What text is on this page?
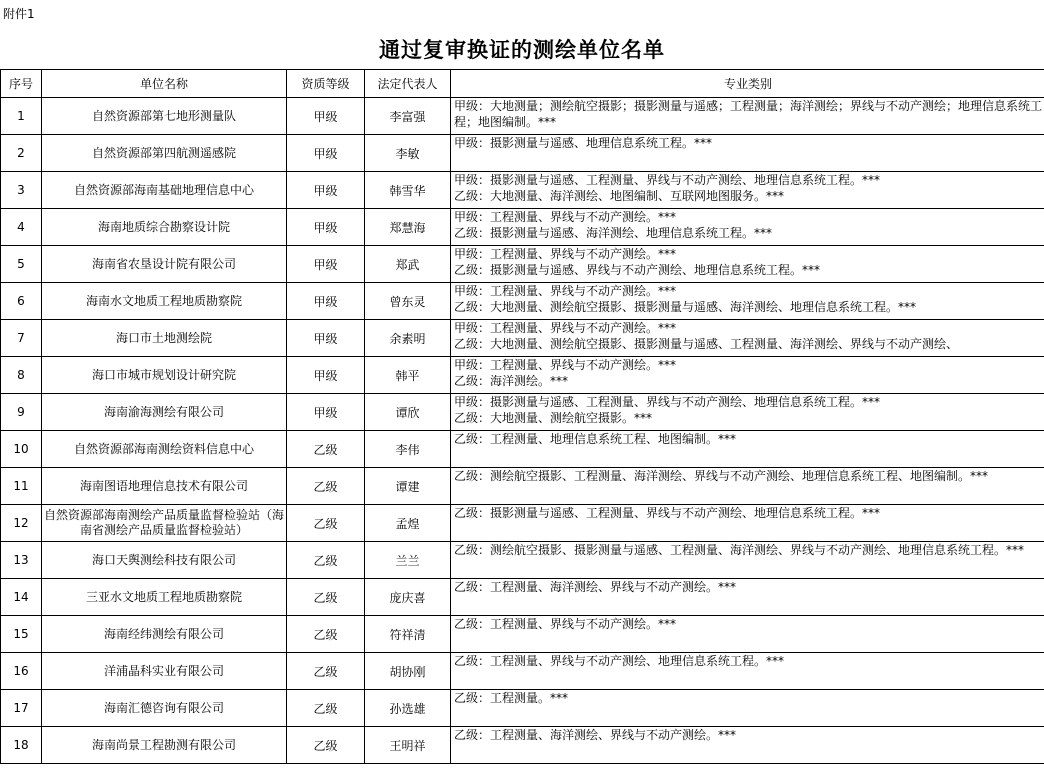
附件1
通过复审换证的测绘单位名单
序号	单位名称	资质等级	法定代表人	专业类别
1	自然资源部第七地形测量队	甲级	李富强	甲级：大地测量；测绘航空摄影；摄影测量与遥感；工程测量；海洋测绘；界线与不动产测绘；地理信息系统工程；地图编制。***

2	自然资源部第四航测遥感院	甲级	李敏	甲级：摄影测量与遥感、地理信息系统工程。***

3	自然资源部海南基础地理信息中心	甲级	韩雪华	甲级：摄影测量与遥感、工程测量、界线与不动产测绘、地理信息系统工程。***
乙级：大地测量、海洋测绘、地图编制、互联网地图服务。***

4	海南地质综合勘察设计院	甲级	郑慧海	甲级：工程测量、界线与不动产测绘。***
乙级：摄影测量与遥感、海洋测绘、地理信息系统工程。***

5	海南省农垦设计院有限公司	甲级	郑武	甲级：工程测量、界线与不动产测绘。***
乙级：摄影测量与遥感、界线与不动产测绘、地理信息系统工程。***

6	海南水文地质工程地质勘察院	甲级	曾东灵	甲级：工程测量、界线与不动产测绘。***
乙级：大地测量、测绘航空摄影、摄影测量与遥感、海洋测绘、地理信息系统工程。***

7	海口市土地测绘院	甲级	余素明	甲级：工程测量、界线与不动产测绘。***
乙级：大地测量、测绘航空摄影、摄影测量与遥感、工程测量、海洋测绘、界线与不动产测绘、

8	海口市城市规划设计研究院	甲级	韩平	甲级：工程测量、界线与不动产测绘。***
乙级：海洋测绘。***

9	海南渝海测绘有限公司	甲级	谭欣	甲级：摄影测量与遥感、工程测量、界线与不动产测绘、地理信息系统工程。***
乙级：大地测量、测绘航空摄影。***

10	自然资源部海南测绘资料信息中心	乙级	李伟	乙级：工程测量、地理信息系统工程、地图编制。***

11	海南图语地理信息技术有限公司	乙级	谭建	乙级：测绘航空摄影、工程测量、海洋测绘、界线与不动产测绘、地理信息系统工程、地图编制。***

12	自然资源部海南测绘产品质量监督检验站（海南省测绘产品质量监督检验站）	乙级	孟煌	乙级：摄影测量与遥感、工程测量、界线与不动产测绘、地理信息系统工程。***

13	海口天舆测绘科技有限公司	乙级	兰兰	乙级：测绘航空摄影、摄影测量与遥感、工程测量、海洋测绘、界线与不动产测绘、地理信息系统工程。***

14	三亚水文地质工程地质勘察院	乙级	庞庆喜	乙级：工程测量、海洋测绘、界线与不动产测绘。***

15	海南经纬测绘有限公司	乙级	符祥清	乙级：工程测量、界线与不动产测绘。***

16	洋浦晶科实业有限公司	乙级	胡协刚	乙级：工程测量、界线与不动产测绘、地理信息系统工程。***

17	海南汇德咨询有限公司	乙级	孙选雄	乙级：工程测量。***

18	海南尚景工程勘测有限公司	乙级	王明祥	乙级：工程测量、海洋测绘、界线与不动产测绘。***
